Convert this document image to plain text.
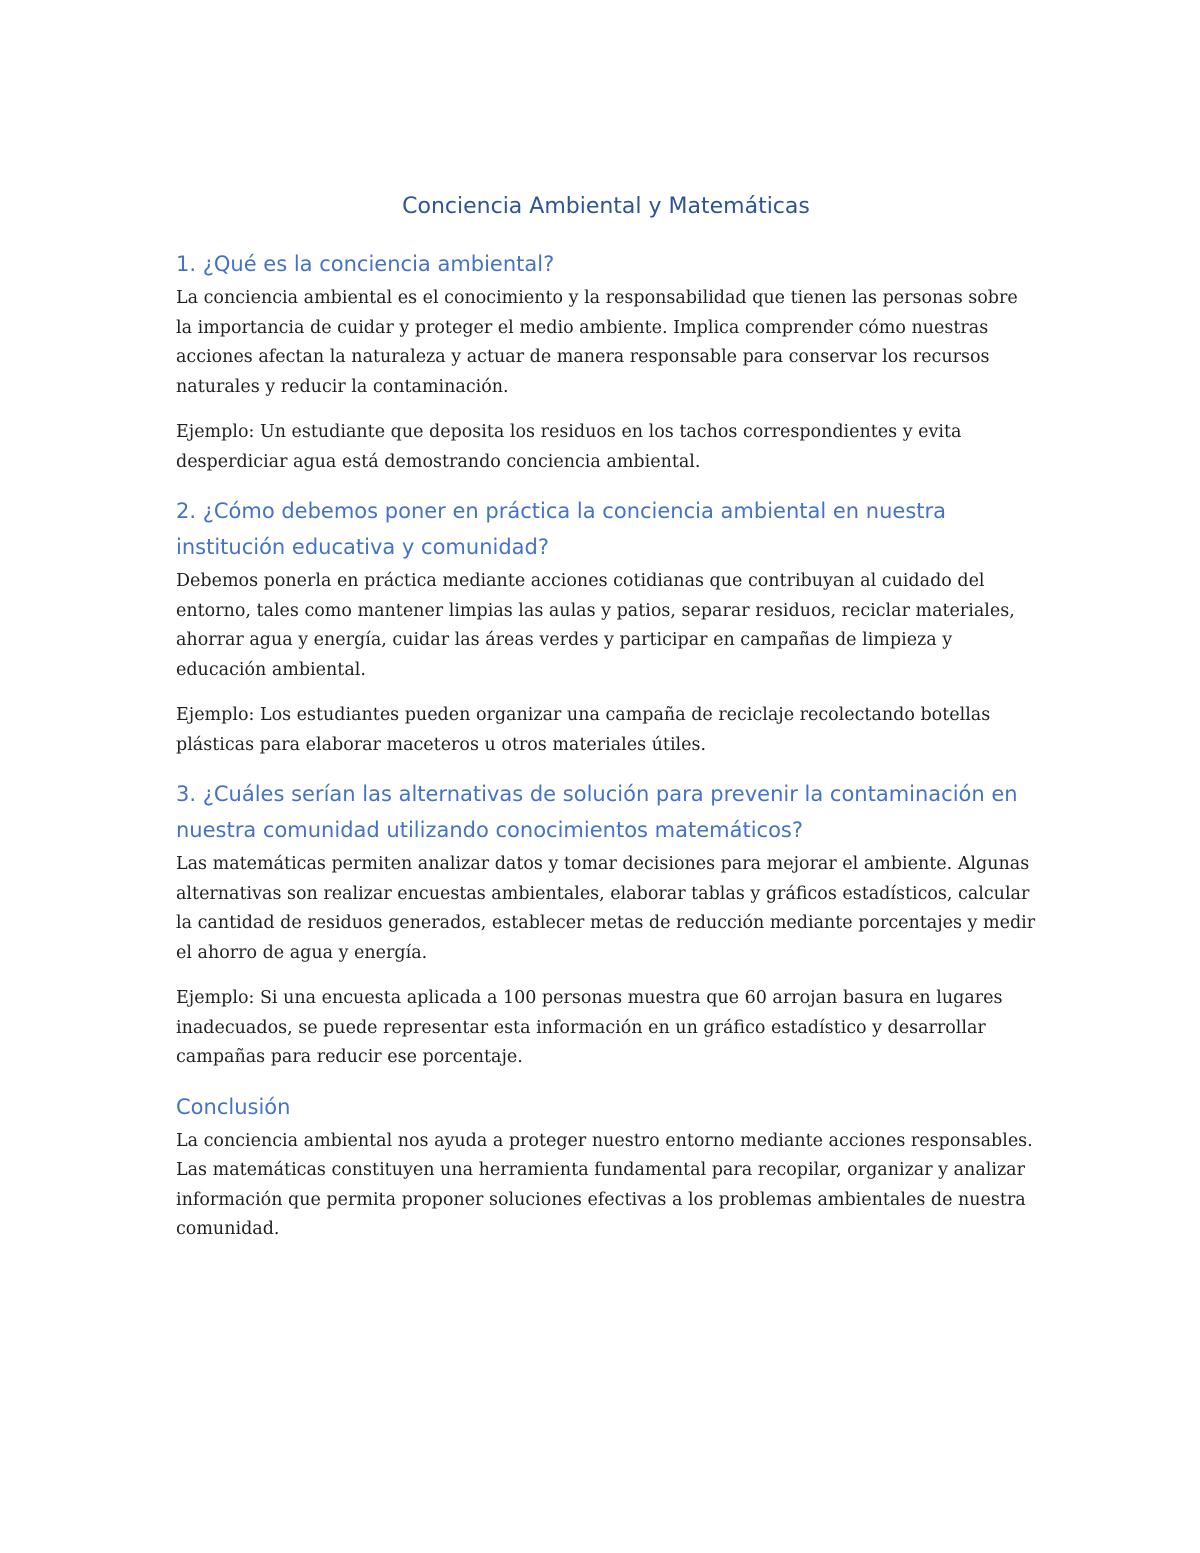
Conciencia Ambiental y Matemáticas
1. ¿Qué es la conciencia ambiental?

La conciencia ambiental es el conocimiento y la responsabilidad que tienen las personas sobre la importancia de cuidar y proteger el medio ambiente. Implica comprender cómo nuestras acciones afectan la naturaleza y actuar de manera responsable para conservar los recursos naturales y reducir la contaminación.

Ejemplo: Un estudiante que deposita los residuos en los tachos correspondientes y evita desperdiciar agua está demostrando conciencia ambiental.

2. ¿Cómo debemos poner en práctica la conciencia ambiental en nuestra institución educativa y comunidad?

Debemos ponerla en práctica mediante acciones cotidianas que contribuyan al cuidado del entorno, tales como mantener limpias las aulas y patios, separar residuos, reciclar materiales, ahorrar agua y energía, cuidar las áreas verdes y participar en campañas de limpieza y educación ambiental.

Ejemplo: Los estudiantes pueden organizar una campaña de reciclaje recolectando botellas plásticas para elaborar maceteros u otros materiales útiles.

3. ¿Cuáles serían las alternativas de solución para prevenir la contaminación en nuestra comunidad utilizando conocimientos matemáticos?

Las matemáticas permiten analizar datos y tomar decisiones para mejorar el ambiente. Algunas alternativas son realizar encuestas ambientales, elaborar tablas y gráficos estadísticos, calcular la cantidad de residuos generados, establecer metas de reducción mediante porcentajes y medir el ahorro de agua y energía.

Ejemplo: Si una encuesta aplicada a 100 personas muestra que 60 arrojan basura en lugares inadecuados, se puede representar esta información en un gráfico estadístico y desarrollar campañas para reducir ese porcentaje.

Conclusión

La conciencia ambiental nos ayuda a proteger nuestro entorno mediante acciones responsables. Las matemáticas constituyen una herramienta fundamental para recopilar, organizar y analizar información que permita proponer soluciones efectivas a los problemas ambientales de nuestra comunidad.
